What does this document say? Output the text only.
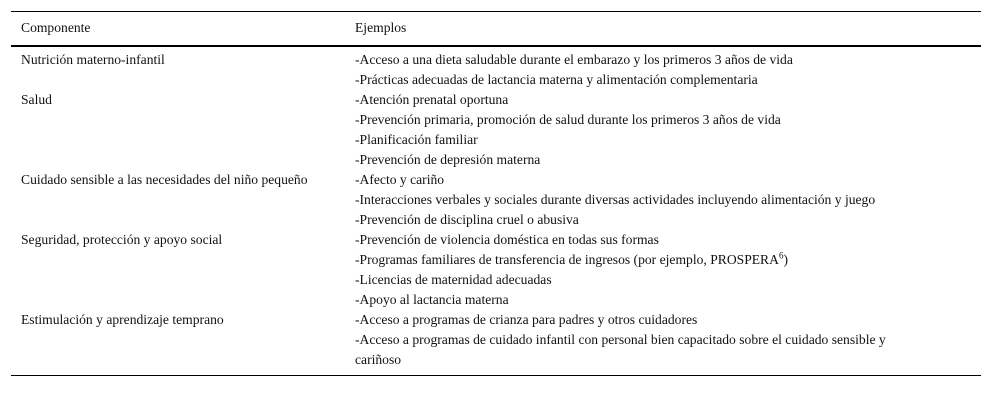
Componente	Ejemplos
Nutrición materno-infantil	-Acceso a una dieta saludable durante el embarazo y los primeros 3 años de vida
-Prácticas adecuadas de lactancia materna y alimentación complementaria

Salud	-Atención prenatal oportuna
-Prevención primaria, promoción de salud durante los primeros 3 años de vida
-Planificación familiar
-Prevención de depresión materna

Cuidado sensible a las necesidades del niño pequeño	-Afecto y cariño
-Interacciones verbales y sociales durante diversas actividades incluyendo alimentación y juego
-Prevención de disciplina cruel o abusiva

Seguridad, protección y apoyo social	-Prevención de violencia doméstica en todas sus formas
-Programas familiares de transferencia de ingresos (por ejemplo, PROSPERA$^6$)
-Licencias de maternidad adecuadas
-Apoyo al lactancia materna

Estimulación y aprendizaje temprano	-Acceso a programas de crianza para padres y otros cuidadores
-Acceso a programas de cuidado infantil con personal bien capacitado sobre el cuidado sensible y cariñoso
